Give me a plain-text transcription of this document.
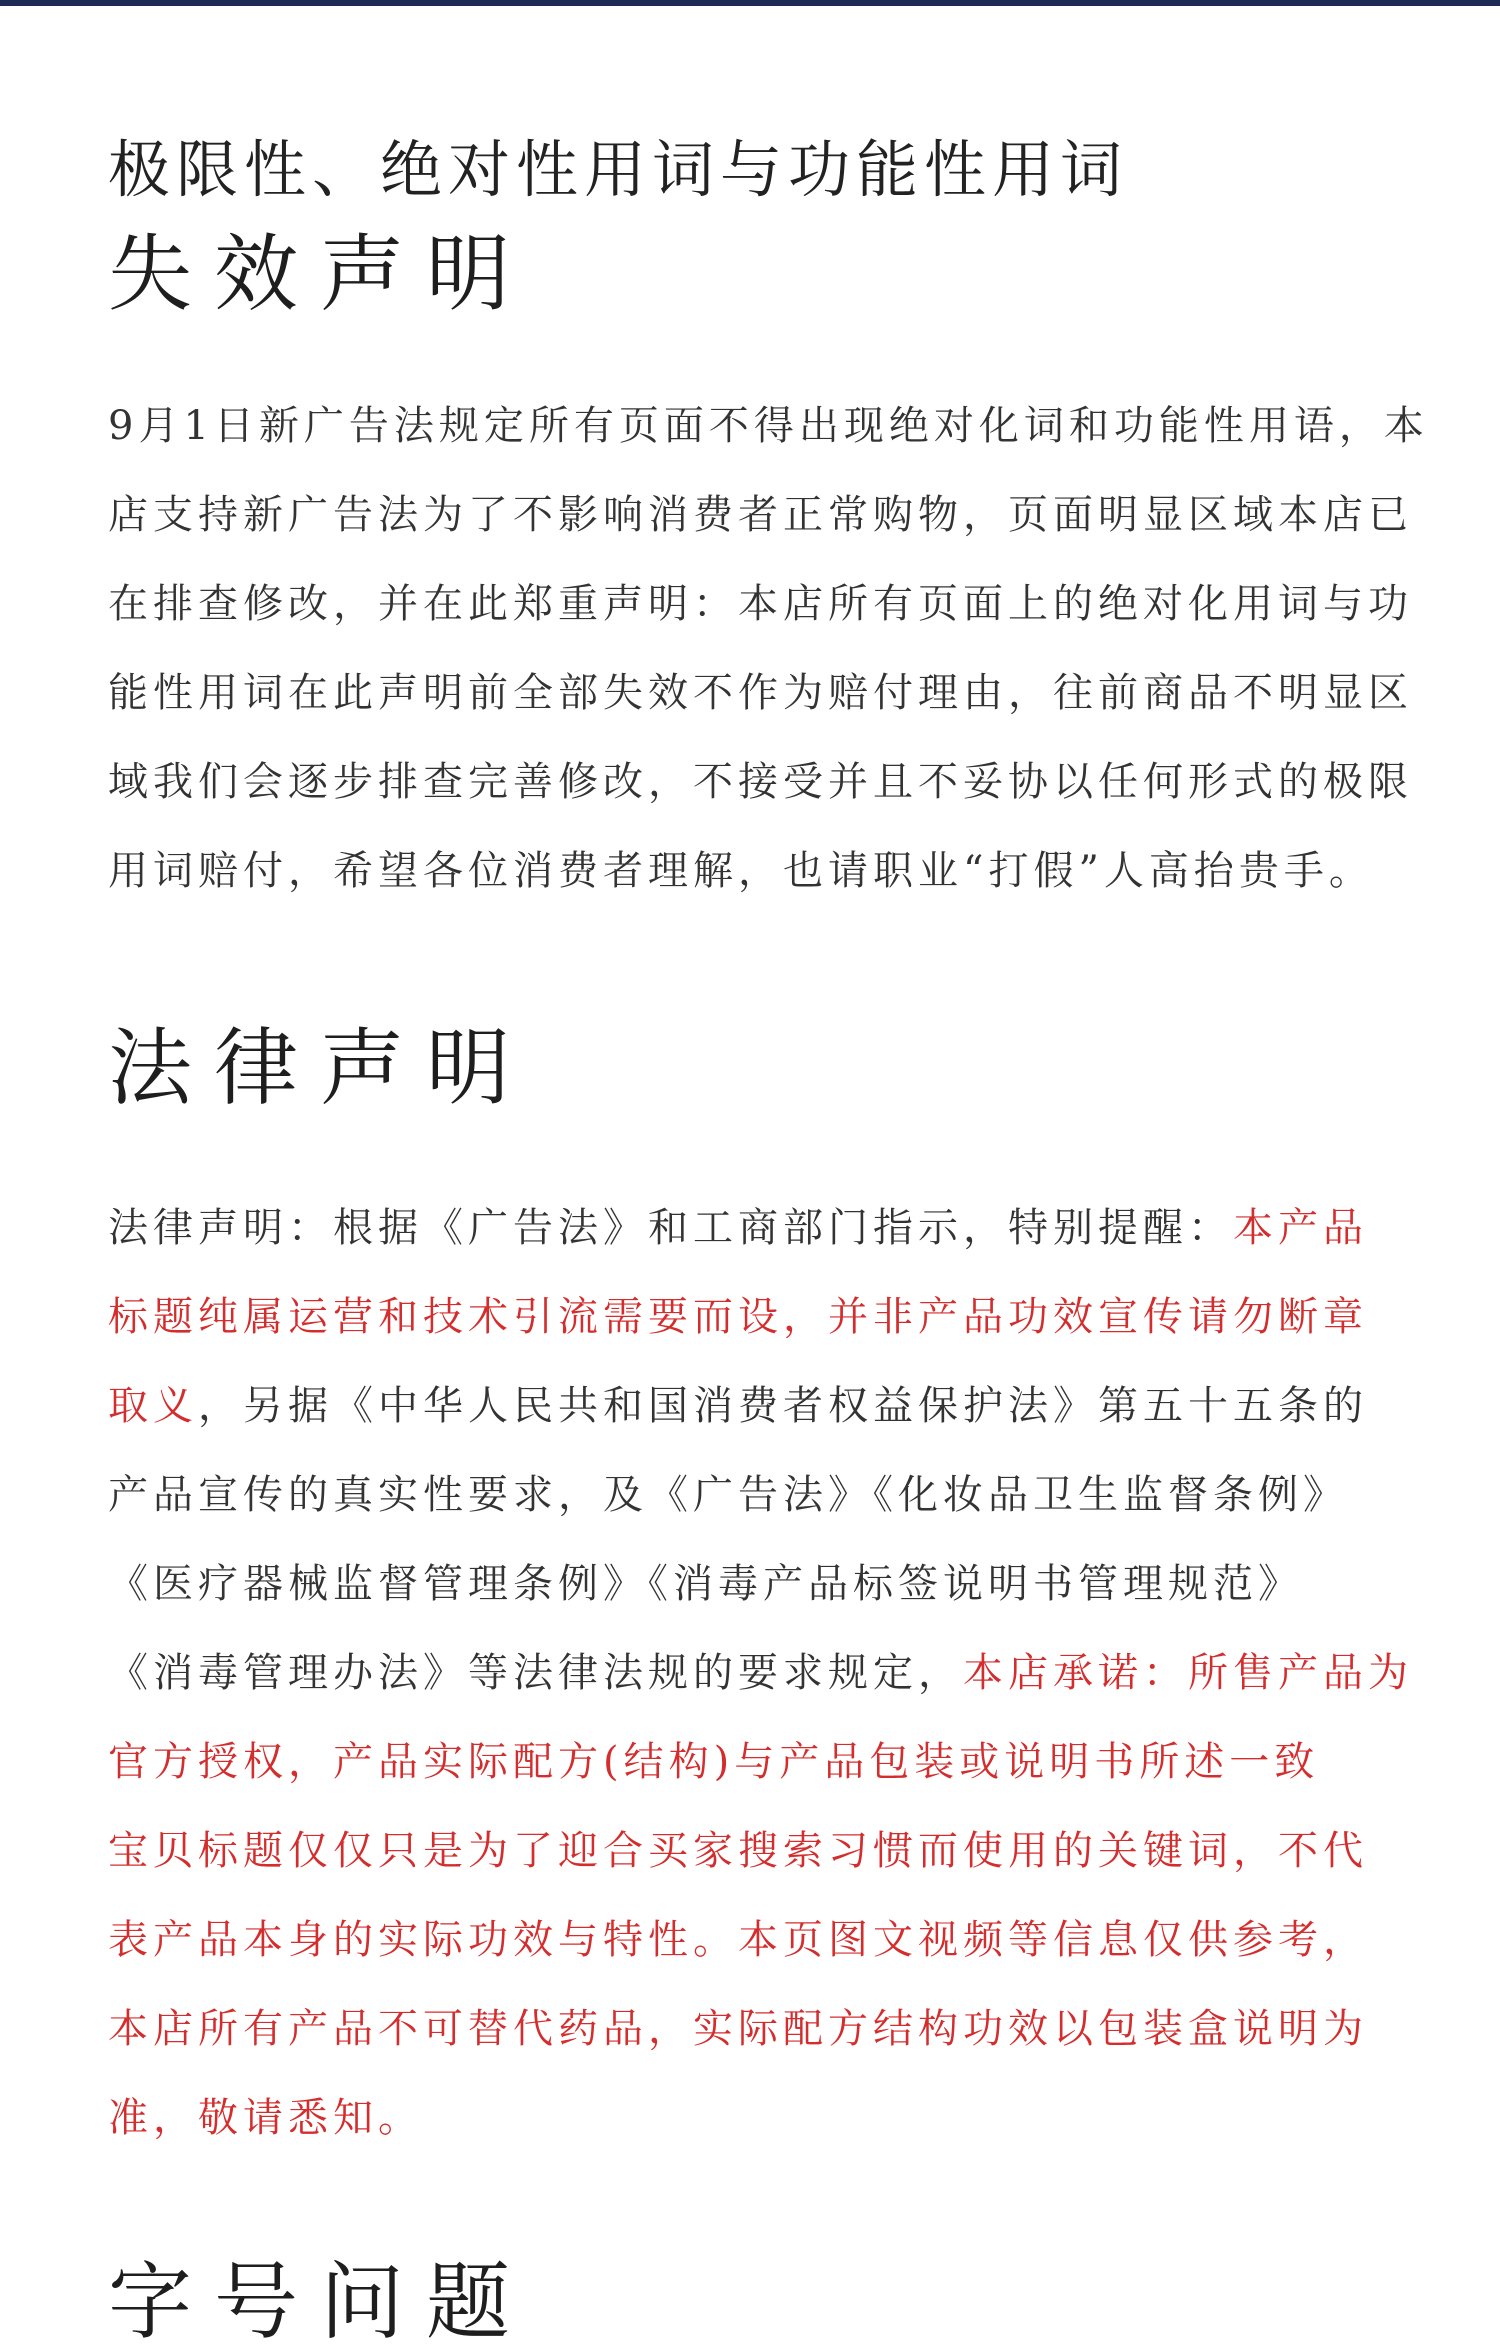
极限性、绝对性用词与功能性用词
失效声明
9月1日新广告法规定所有页面不得出现绝对化词和功能性用语，本
店支持新广告法为了不影响消费者正常购物，页面明显区域本店已
在排查修改，并在此郑重声明：本店所有页面上的绝对化用词与功
能性用词在此声明前全部失效不作为赔付理由，往前商品不明显区
域我们会逐步排查完善修改，不接受并且不妥协以任何形式的极限
用词赔付，希望各位消费者理解，也请职业“打假”人高抬贵手。
法律声明
法律声明：根据《广告法》和工商部门指示，特别提醒：本产品
标题纯属运营和技术引流需要而设，并非产品功效宣传请勿断章
取义，另据《中华人民共和国消费者权益保护法》第五十五条的
产品宣传的真实性要求，及《广告法》《化妆品卫生监督条例》
《医疗器械监督管理条例》《消毒产品标签说明书管理规范》
《消毒管理办法》等法律法规的要求规定，本店承诺：所售产品为
官方授权，产品实际配方(结构)与产品包装或说明书所述一致
宝贝标题仅仅只是为了迎合买家搜索习惯而使用的关键词，不代
表产品本身的实际功效与特性。本页图文视频等信息仅供参考，
本店所有产品不可替代药品，实际配方结构功效以包装盒说明为
准，敬请悉知。
字号问题
